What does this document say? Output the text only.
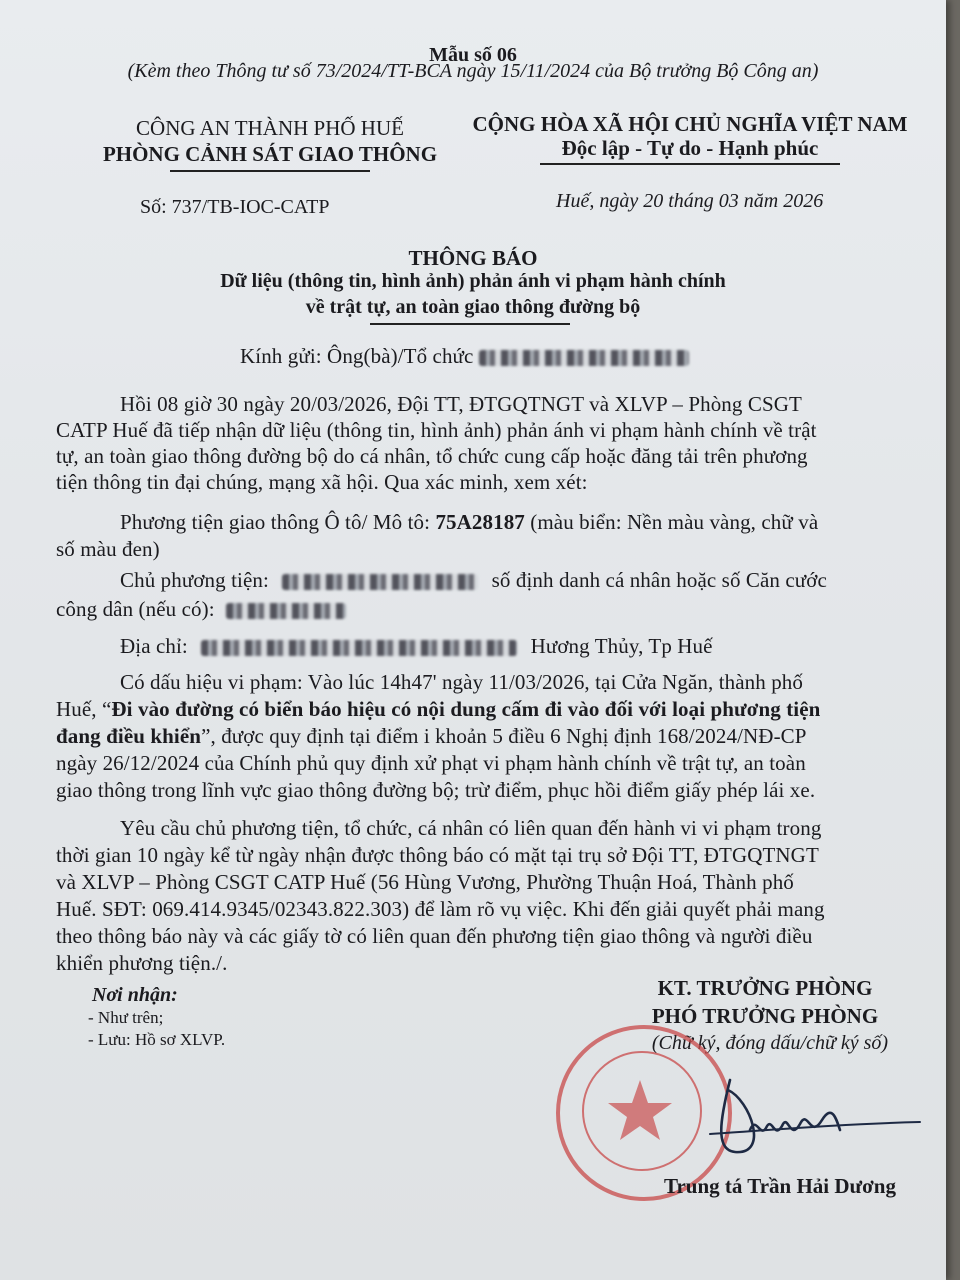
Mẫu số 06
(Kèm theo Thông tư số 73/2024/TT-BCA ngày 15/11/2024 của Bộ trưởng Bộ Công an)
CÔNG AN THÀNH PHỐ HUẾ
PHÒNG CẢNH SÁT GIAO THÔNG
Số: 737/TB-IOC-CATP
CỘNG HÒA XÃ HỘI CHỦ NGHĨA VIỆT NAM
Độc lập - Tự do - Hạnh phúc
Huế, ngày 20 tháng 03 năm 2026
THÔNG BÁO
Dữ liệu (thông tin, hình ảnh) phản ánh vi phạm hành chính
về trật tự, an toàn giao thông đường bộ
Kính gửi: Ông(bà)/Tổ chức
Hồi 08 giờ 30 ngày 20/03/2026, Đội TT, ĐTGQTNGT và XLVP – Phòng CSGT
CATP Huế đã tiếp nhận dữ liệu (thông tin, hình ảnh) phản ánh vi phạm hành chính về trật
tự, an toàn giao thông đường bộ do cá nhân, tổ chức cung cấp hoặc đăng tải trên phương
tiện thông tin đại chúng, mạng xã hội. Qua xác minh, xem xét:
Phương tiện giao thông Ô tô/ Mô tô: 75A28187 (màu biển: Nền màu vàng, chữ và
số màu đen)
Chủ phương tiện:	số định danh cá nhân hoặc số Căn cước
công dân (nếu có):
Địa chỉ:	Hương Thủy, Tp Huế
Có dấu hiệu vi phạm: Vào lúc 14h47' ngày 11/03/2026, tại Cửa Ngăn, thành phố
Huế, “Đi vào đường có biển báo hiệu có nội dung cấm đi vào đối với loại phương tiện
đang điều khiển”, được quy định tại điểm i khoản 5 điều 6 Nghị định 168/2024/NĐ-CP
ngày 26/12/2024 của Chính phủ quy định xử phạt vi phạm hành chính về trật tự, an toàn
giao thông trong lĩnh vực giao thông đường bộ; trừ điểm, phục hồi điểm giấy phép lái xe.
Yêu cầu chủ phương tiện, tổ chức, cá nhân có liên quan đến hành vi vi phạm trong
thời gian 10 ngày kể từ ngày nhận được thông báo có mặt tại trụ sở Đội TT, ĐTGQTNGT
và XLVP – Phòng CSGT CATP Huế (56 Hùng Vương, Phường Thuận Hoá, Thành phố
Huế. SĐT: 069.414.9345/02343.822.303) để làm rõ vụ việc. Khi đến giải quyết phải mang
theo thông báo này và các giấy tờ có liên quan đến phương tiện giao thông và người điều
khiển phương tiện./.
Nơi nhận:
- Như trên;
- Lưu: Hồ sơ XLVP.
KT. TRƯỞNG PHÒNG
PHÓ TRƯỞNG PHÒNG
(Chữ ký, đóng dấu/chữ ký số)
Trung tá Trần Hải Dương
